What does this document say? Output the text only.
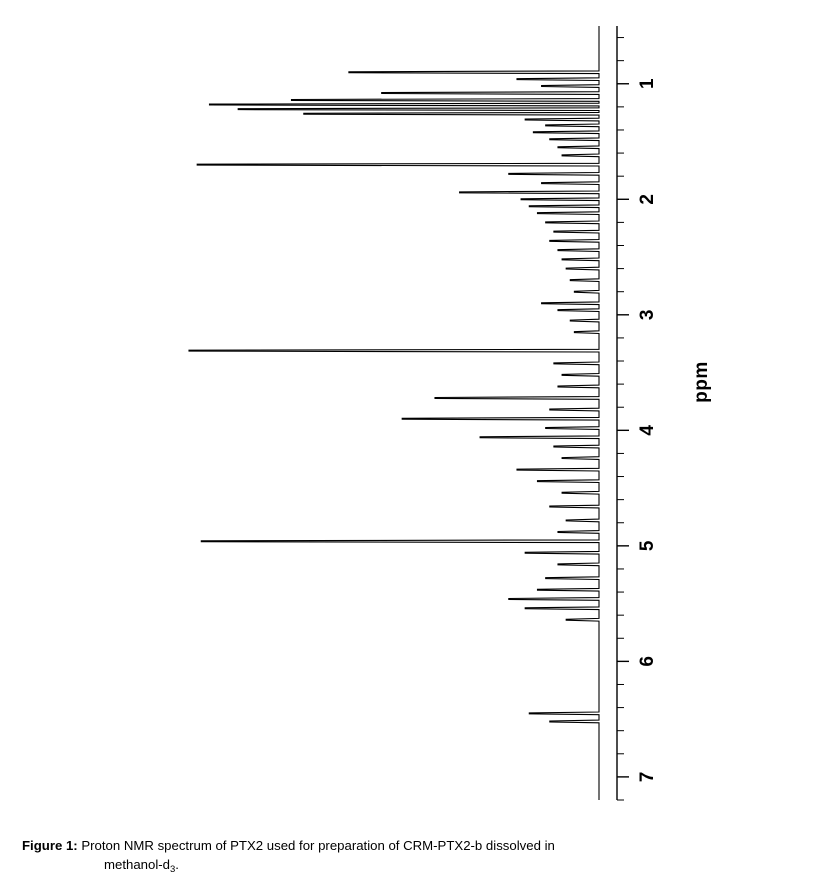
1
2
3
4
5
6
7
ppm
Figure 1: Proton NMR spectrum of PTX2 used for preparation of CRM-PTX2-b dissolved in
methanol-$d_3$.
